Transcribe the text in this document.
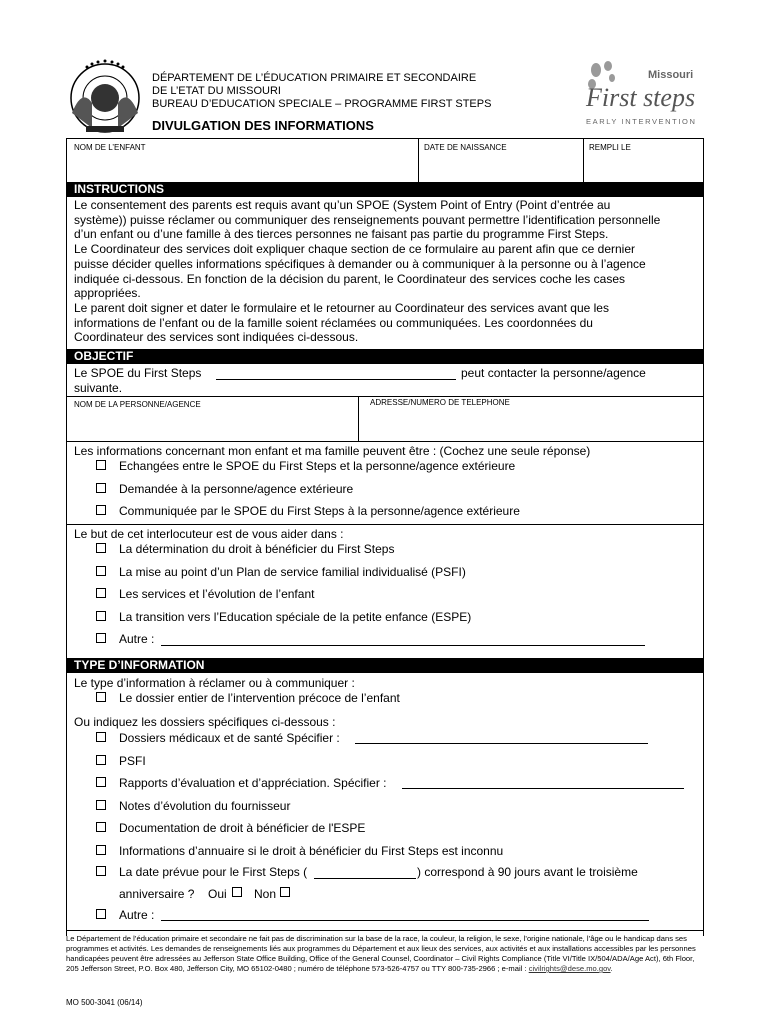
DÉPARTEMENT DE L’ÉDUCATION PRIMAIRE ET SECONDAIRE
DE L’ETAT DU MISSOURI
BUREAU D’EDUCATION SPECIALE – PROGRAMME FIRST STEPS
DIVULGATION DES INFORMATIONS
Missouri
First steps
EARLY INTERVENTION
NOM DE L’ENFANT	DATE DE NAISSANCE	REMPLI LE
INSTRUCTIONS
Le consentement des parents est requis avant qu’un SPOE (System Point of Entry (Point d’entrée au
système)) puisse réclamer ou communiquer des renseignements pouvant permettre l’identification personnelle
d’un enfant ou d’une famille à des tierces personnes ne faisant pas partie du programme First Steps.
Le Coordinateur des services doit expliquer chaque section de ce formulaire au parent afin que ce dernier
puisse décider quelles informations spécifiques à demander ou à communiquer à la personne ou à l’agence
indiquée ci-dessous. En fonction de la décision du parent, le Coordinateur des services coche les cases
appropriées.
Le parent doit signer et dater le formulaire et le retourner au Coordinateur des services avant que les
informations de l’enfant ou de la famille soient réclamées ou communiquées. Les coordonnées du
Coordinateur des services sont indiquées ci-dessous.
OBJECTIF
Le SPOE du First Steps	peut contacter la personne/agence
suivante.
NOM DE LA PERSONNE/AGENCE	ADRESSE/NUMERO DE TELEPHONE
Les informations concernant mon enfant et ma famille peuvent être : (Cochez une seule réponse)
Echangées entre le SPOE du First Steps et la personne/agence extérieure
Demandée à la personne/agence extérieure
Communiquée par le SPOE du First Steps à la personne/agence extérieure
Le but de cet interlocuteur est de vous aider dans :
La détermination du droit à bénéficier du First Steps
La mise au point d’un Plan de service familial individualisé (PSFI)
Les services et l’évolution de l’enfant
La transition vers l’Education spéciale de la petite enfance (ESPE)
Autre :
TYPE D’INFORMATION
Le type d’information à réclamer ou à communiquer :
Le dossier entier de l’intervention précoce de l’enfant
Ou indiquez les dossiers spécifiques ci-dessous :
Dossiers médicaux et de santé Spécifier :
PSFI
Rapports d’évaluation et d’appréciation. Spécifier :
Notes d’évolution du fournisseur
Documentation de droit à bénéficier de l'ESPE
Informations d’annuaire si le droit à bénéficier du First Steps est inconnu
La date prévue pour le First Steps (	) correspond à 90 jours avant le troisième
anniversaire ? Oui Non
Autre :
Le Département de l’éducation primaire et secondaire ne fait pas de discrimination sur la base de la race, la couleur, la religion, le sexe, l’origine nationale, l’âge ou le handicap dans ses programmes et activités. Les demandes de renseignements liés aux programmes du Département et aux lieux des services, aux activités et aux installations accessibles par les personnes handicapées peuvent être adressées au Jefferson State Office Building, Office of the General Counsel, Coordinator – Civil Rights Compliance (Title VI/Title IX/504/ADA/Age Act), 6th Floor, 205 Jefferson Street, P.O. Box 480, Jefferson City, MO 65102-0480 ; numéro de téléphone 573-526-4757 ou TTY 800-735-2966 ; e-mail : civilrights@dese.mo.gov.
MO 500-3041 (06/14)
